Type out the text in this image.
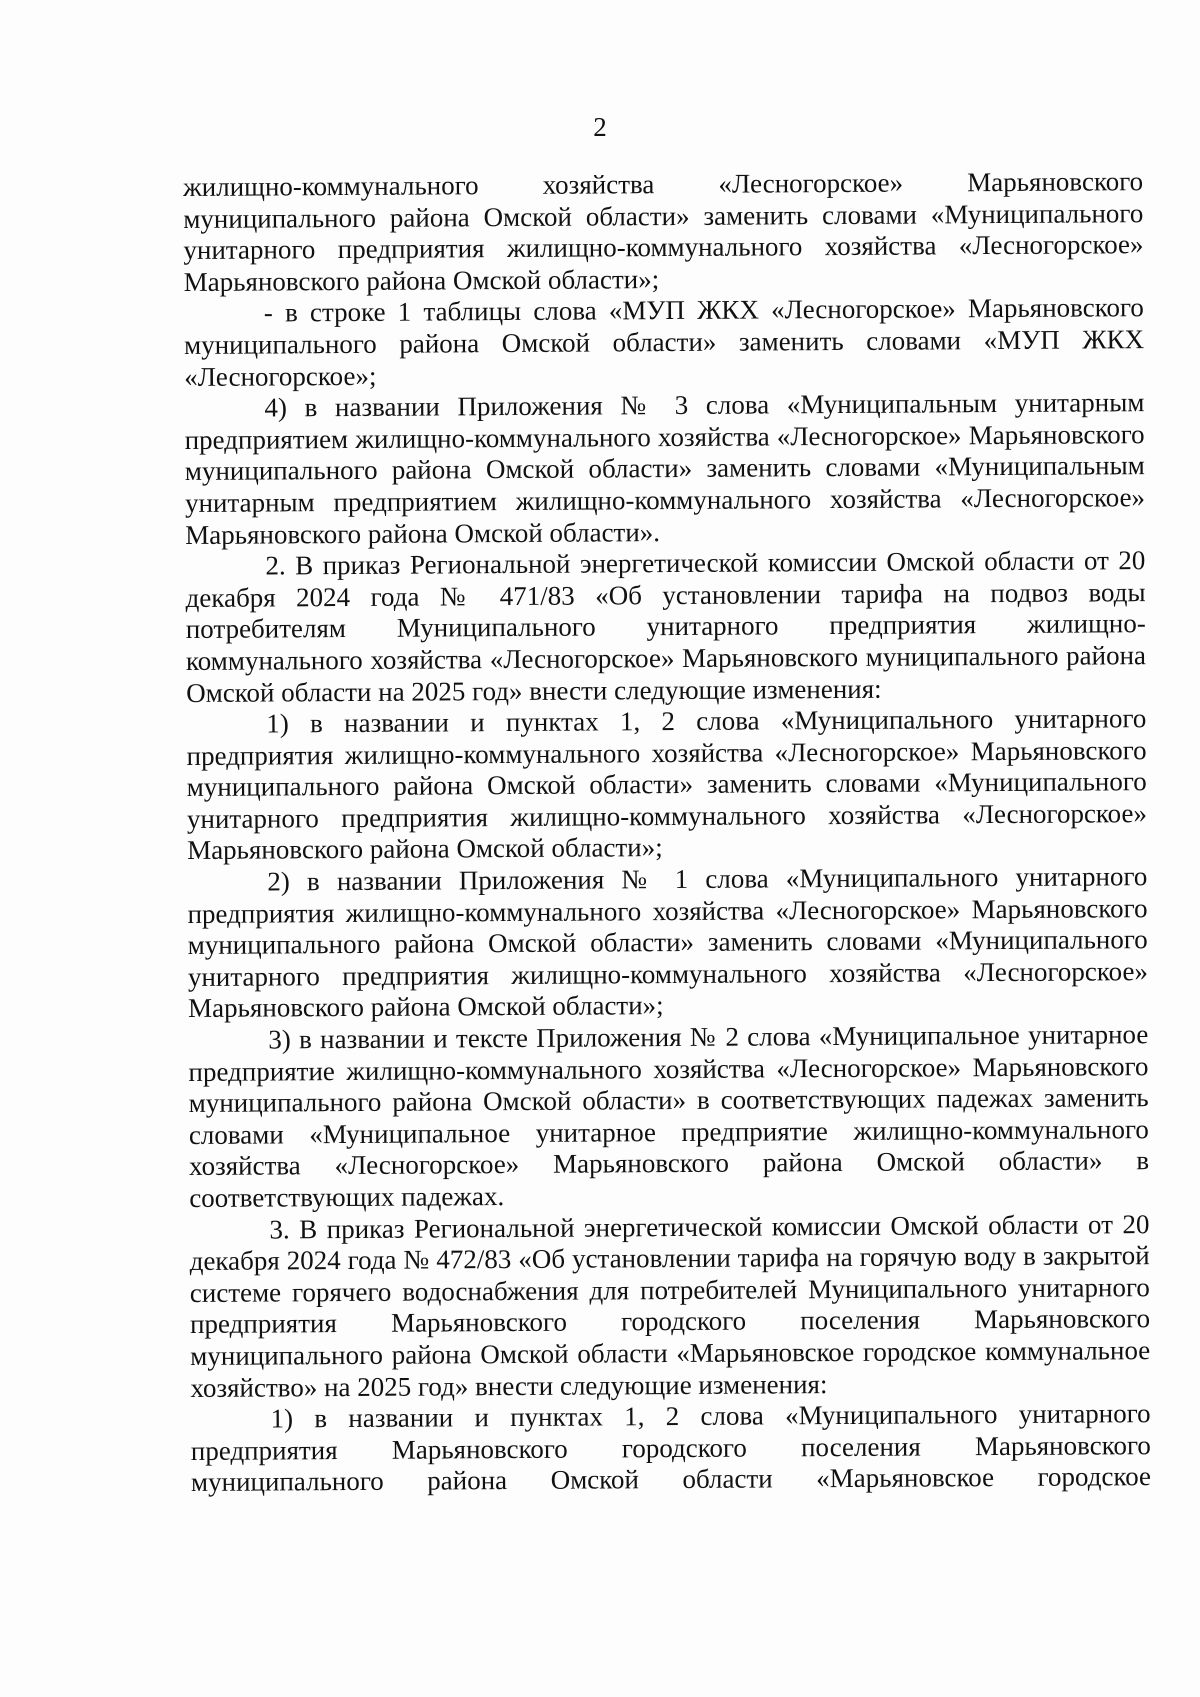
2

жилищно-коммунального хозяйства «Лесногорское» Марьяновского муниципального района Омской области» заменить словами «Муниципального унитарного предприятия жилищно-коммунального хозяйства «Лесногорское» Марьяновского района Омской области»;

- в строке 1 таблицы слова «МУП ЖКХ «Лесногорское» Марьяновского муниципального района Омской области» заменить словами «МУП ЖКХ «Лесногорское»;

4) в названии Приложения № 3 слова «Муниципальным унитарным предприятием жилищно-коммунального хозяйства «Лесногорское» Марьяновского муниципального района Омской области» заменить словами «Муниципальным унитарным предприятием жилищно-коммунального хозяйства «Лесногорское» Марьяновского района Омской области».

2. В приказ Региональной энергетической комиссии Омской области от 20 декабря 2024 года № 471/83 «Об установлении тарифа на подвоз воды потребителям Муниципального унитарного предприятия жилищно-коммунального хозяйства «Лесногорское» Марьяновского муниципального района Омской области на 2025 год» внести следующие изменения:

1) в названии и пунктах 1, 2 слова «Муниципального унитарного предприятия жилищно-коммунального хозяйства «Лесногорское» Марьяновского муниципального района Омской области» заменить словами «Муниципального унитарного предприятия жилищно-коммунального хозяйства «Лесногорское» Марьяновского района Омской области»;

2) в названии Приложения № 1 слова «Муниципального унитарного предприятия жилищно-коммунального хозяйства «Лесногорское» Марьяновского муниципального района Омской области» заменить словами «Муниципального унитарного предприятия жилищно-коммунального хозяйства «Лесногорское» Марьяновского района Омской области»;

3) в названии и тексте Приложения № 2 слова «Муниципальное унитарное предприятие жилищно-коммунального хозяйства «Лесногорское» Марьяновского муниципального района Омской области» в соответствующих падежах заменить словами «Муниципальное унитарное предприятие жилищно-коммунального хозяйства «Лесногорское» Марьяновского района Омской области» в соответствующих падежах.

3. В приказ Региональной энергетической комиссии Омской области от 20 декабря 2024 года № 472/83 «Об установлении тарифа на горячую воду в закрытой системе горячего водоснабжения для потребителей Муниципального унитарного предприятия Марьяновского городского поселения Марьяновского муниципального района Омской области «Марьяновское городское коммунальное хозяйство» на 2025 год» внести следующие изменения:

1) в названии и пунктах 1, 2 слова «Муниципального унитарного предприятия Марьяновского городского поселения Марьяновского муниципального района Омской области «Марьяновское городское
